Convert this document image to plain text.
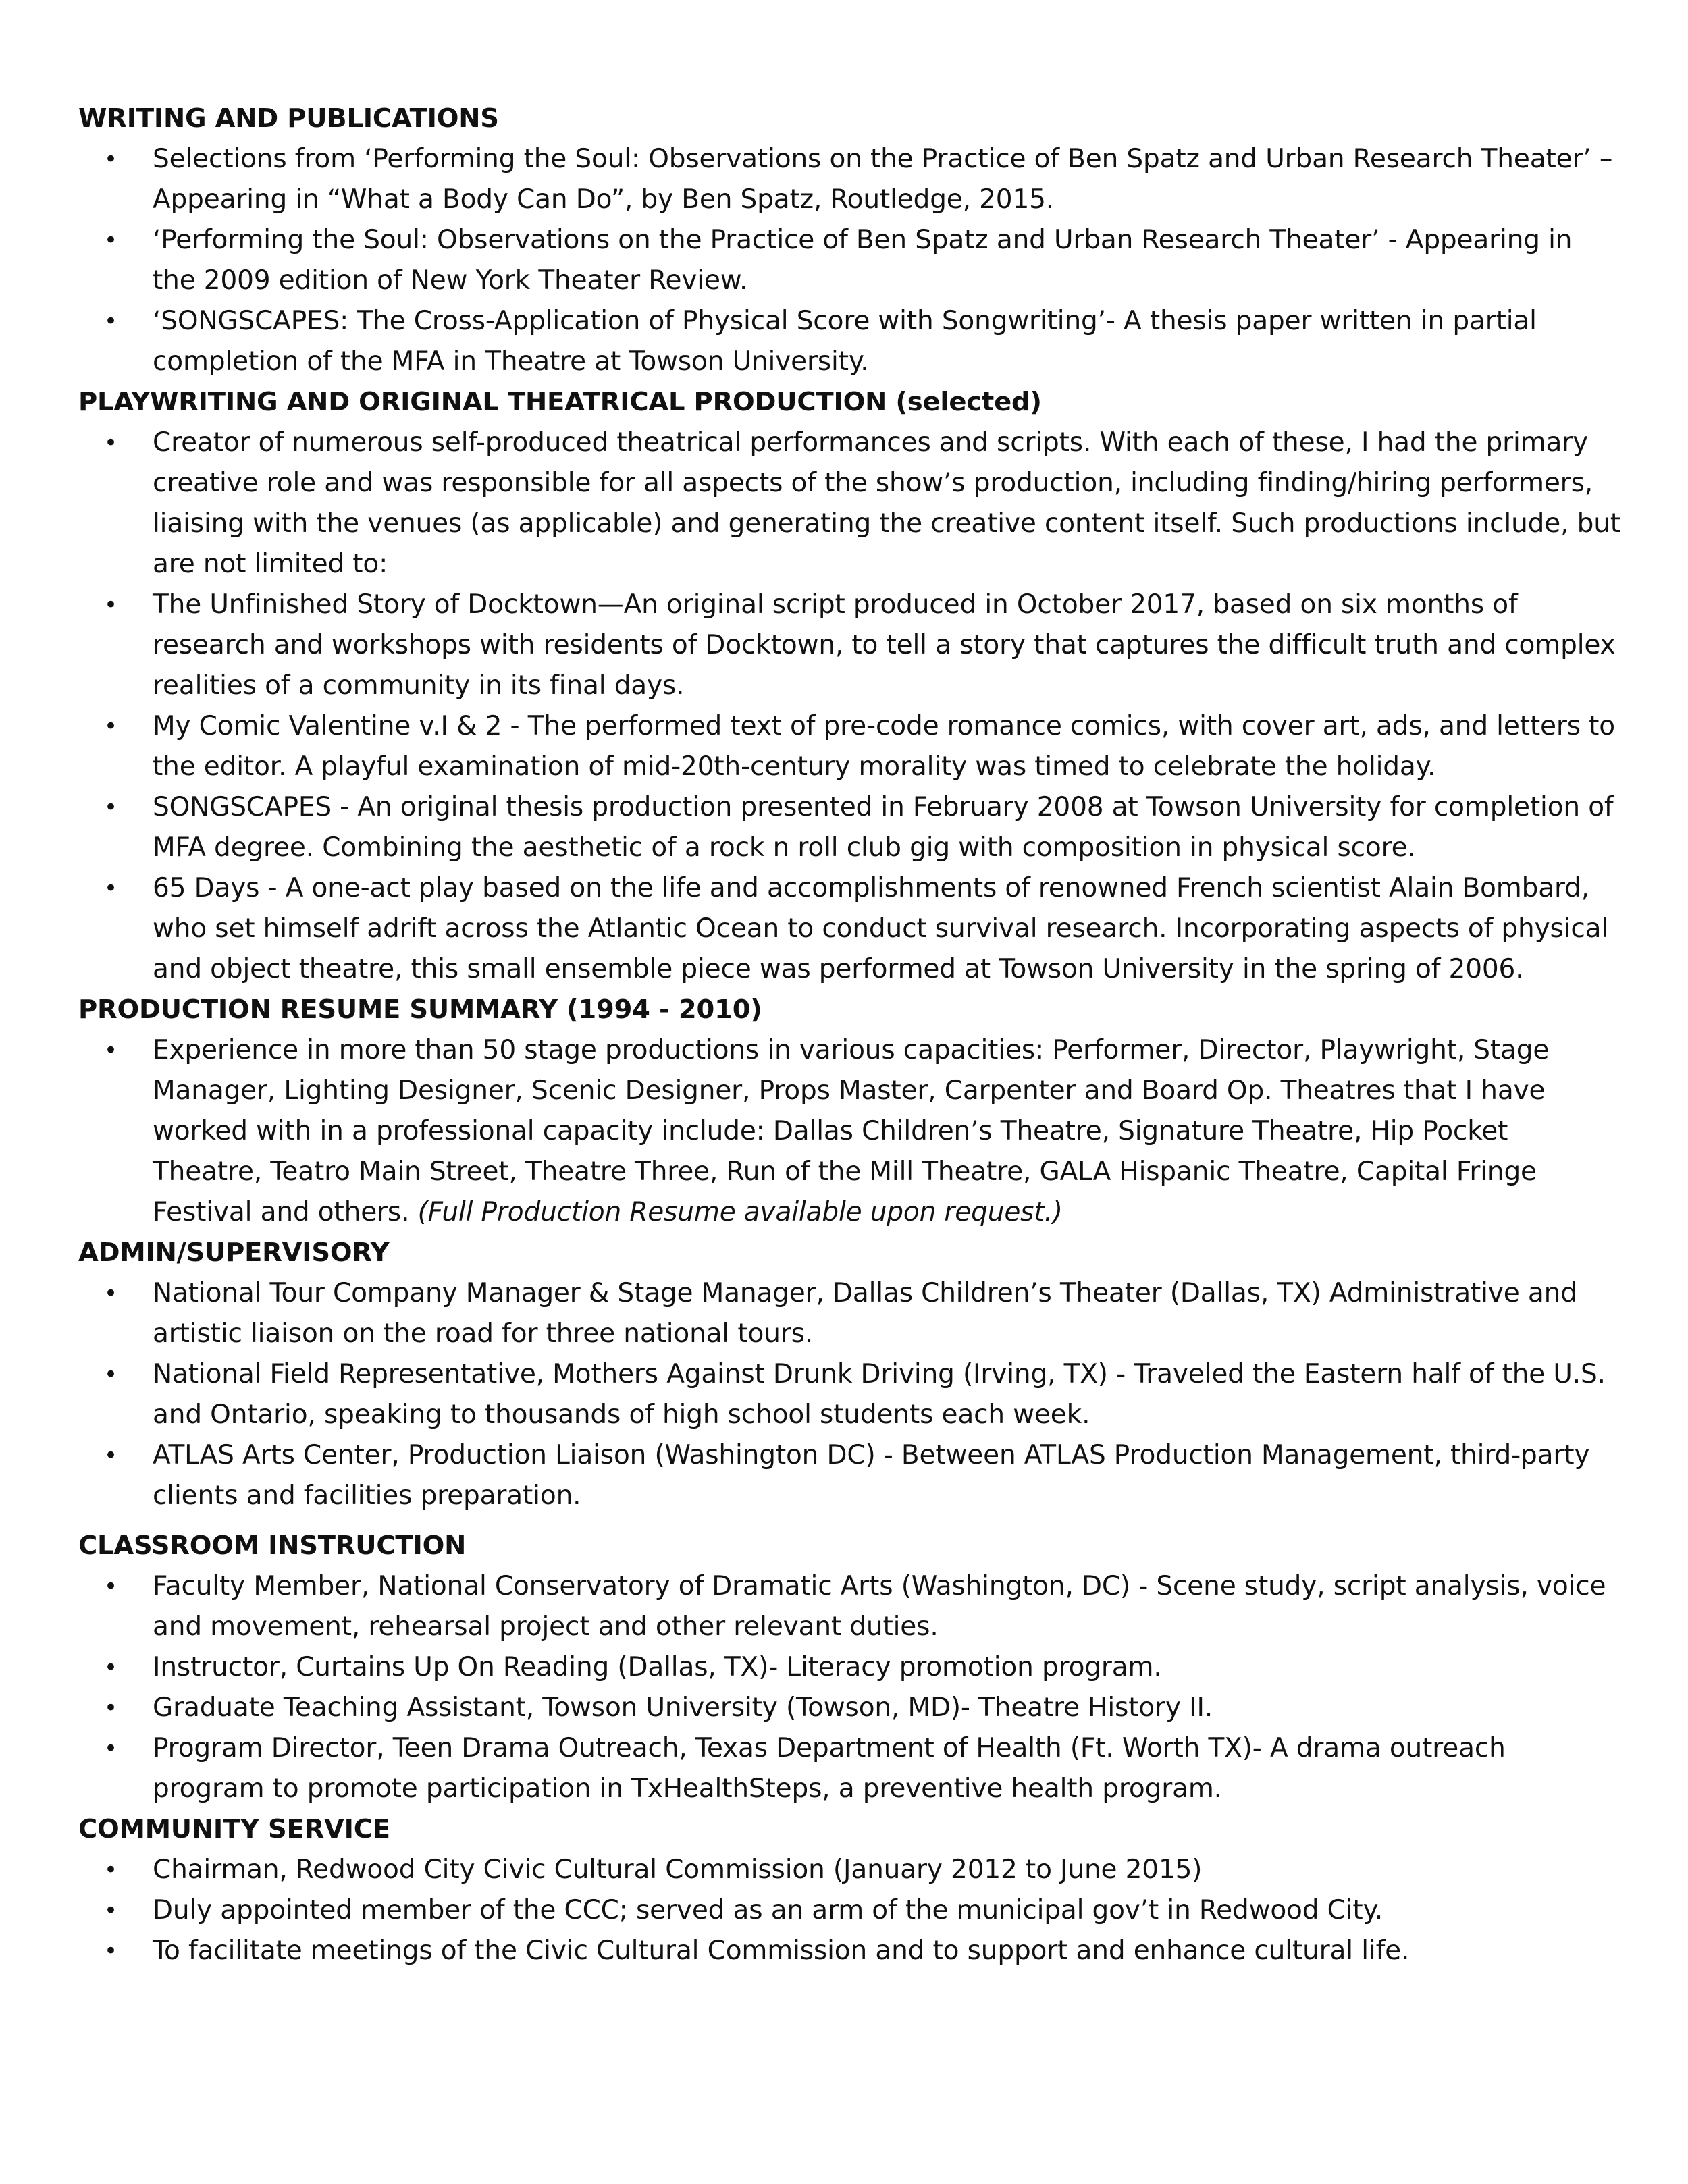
WRITING AND PUBLICATIONS
• Selections from ‘Performing the Soul: Observations on the Practice of Ben Spatz and Urban Research Theater’ – Appearing in “What a Body Can Do”, by Ben Spatz, Routledge, 2015.
• ‘Performing the Soul: Observations on the Practice of Ben Spatz and Urban Research Theater’ - Appearing in the 2009 edition of New York Theater Review.
• ‘SONGSCAPES: The Cross-Application of Physical Score with Songwriting’- A thesis paper written in partial completion of the MFA in Theatre at Towson University.
PLAYWRITING AND ORIGINAL THEATRICAL PRODUCTION (selected)
• Creator of numerous self-produced theatrical performances and scripts. With each of these, I had the primary creative role and was responsible for all aspects of the show’s production, including finding/hiring performers, liaising with the venues (as applicable) and generating the creative content itself. Such productions include, but are not limited to:
• The Unfinished Story of Docktown—An original script produced in October 2017, based on six months of research and workshops with residents of Docktown, to tell a story that captures the difficult truth and complex realities of a community in its final days.
• My Comic Valentine v.I & 2 - The performed text of pre-code romance comics, with cover art, ads, and letters to the editor. A playful examination of mid-20th-century morality was timed to celebrate the holiday.
• SONGSCAPES - An original thesis production presented in February 2008 at Towson University for completion of MFA degree. Combining the aesthetic of a rock n roll club gig with composition in physical score.
• 65 Days - A one-act play based on the life and accomplishments of renowned French scientist Alain Bombard, who set himself adrift across the Atlantic Ocean to conduct survival research. Incorporating aspects of physical and object theatre, this small ensemble piece was performed at Towson University in the spring of 2006.
PRODUCTION RESUME SUMMARY (1994 - 2010)
• Experience in more than 50 stage productions in various capacities: Performer, Director, Playwright, Stage Manager, Lighting Designer, Scenic Designer, Props Master, Carpenter and Board Op. Theatres that I have worked with in a professional capacity include: Dallas Children’s Theatre, Signature Theatre, Hip Pocket Theatre, Teatro Main Street, Theatre Three, Run of the Mill Theatre, GALA Hispanic Theatre, Capital Fringe Festival and others. (Full Production Resume available upon request.)
ADMIN/SUPERVISORY
• National Tour Company Manager & Stage Manager, Dallas Children’s Theater (Dallas, TX) Administrative and artistic liaison on the road for three national tours.
• National Field Representative, Mothers Against Drunk Driving (Irving, TX) - Traveled the Eastern half of the U.S. and Ontario, speaking to thousands of high school students each week.
• ATLAS Arts Center, Production Liaison (Washington DC) - Between ATLAS Production Management, third-party clients and facilities preparation.
CLASSROOM INSTRUCTION
• Faculty Member, National Conservatory of Dramatic Arts (Washington, DC) - Scene study, script analysis, voice and movement, rehearsal project and other relevant duties.
• Instructor, Curtains Up On Reading (Dallas, TX)- Literacy promotion program.
• Graduate Teaching Assistant, Towson University (Towson, MD)- Theatre History II.
• Program Director, Teen Drama Outreach, Texas Department of Health (Ft. Worth TX)- A drama outreach program to promote participation in TxHealthSteps, a preventive health program.
COMMUNITY SERVICE
• Chairman, Redwood City Civic Cultural Commission (January 2012 to June 2015)
• Duly appointed member of the CCC; served as an arm of the municipal gov’t in Redwood City.
• To facilitate meetings of the Civic Cultural Commission and to support and enhance cultural life.
